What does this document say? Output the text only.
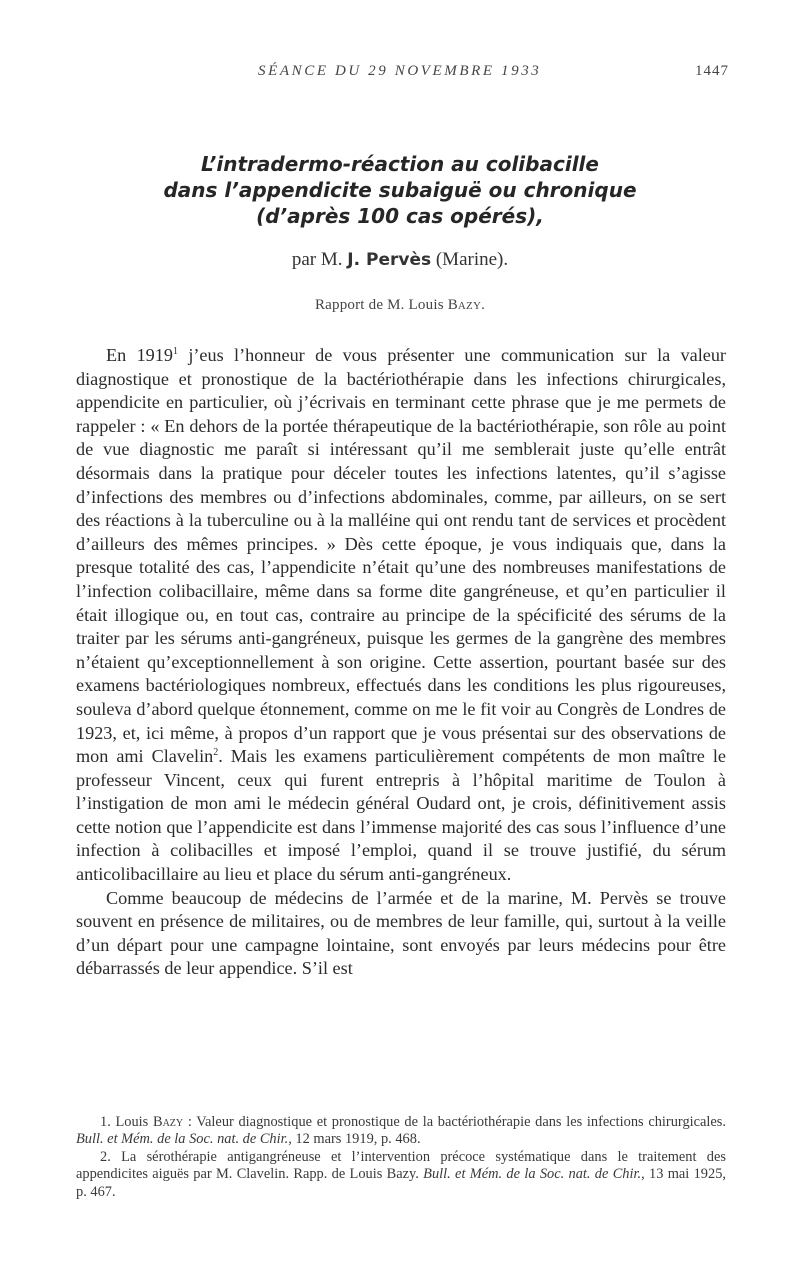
SÉANCE DU 29 NOVEMBRE 1933	1447
L’intradermo-réaction au colibacille
dans l’appendicite subaiguë ou chronique
(d’après 100 cas opérés),
par M. J. Pervès (Marine).
Rapport de M. Louis Bazy.

En 1919$^1$ j’eus l’honneur de vous présenter une communication sur la valeur diagnostique et pronostique de la bactériothérapie dans les infections chirurgicales, appendicite en particulier, où j’écrivais en terminant cette phrase que je me permets de rappeler : « En dehors de la portée thérapeutique de la bactériothérapie, son rôle au point de vue diagnostic me paraît si intéressant qu’il me semblerait juste qu’elle entrât désormais dans la pratique pour déceler toutes les infections latentes, qu’il s’agisse d’infections des membres ou d’infections abdominales, comme, par ailleurs, on se sert des réactions à la tuberculine ou à la malléine qui ont rendu tant de services et procèdent d’ailleurs des mêmes principes. » Dès cette époque, je vous indiquais que, dans la presque totalité des cas, l’appendicite n’était qu’une des nombreuses manifestations de l’infection colibacillaire, même dans sa forme dite gangréneuse, et qu’en particulier il était illogique ou, en tout cas, contraire au principe de la spécificité des sérums de la traiter par les sérums anti-gangréneux, puisque les germes de la gangrène des membres n’étaient qu’exceptionnellement à son origine. Cette assertion, pourtant basée sur des examens bactériologiques nombreux, effectués dans les conditions les plus rigoureuses, souleva d’abord quelque étonnement, comme on me le fit voir au Congrès de Londres de 1923, et, ici même, à propos d’un rapport que je vous présentai sur des observations de mon ami Clavelin$^2$. Mais les examens particulièrement compétents de mon maître le professeur Vincent, ceux qui furent entrepris à l’hôpital maritime de Toulon à l’instigation de mon ami le médecin général Oudard ont, je crois, définitivement assis cette notion que l’appendicite est dans l’immense majorité des cas sous l’influence d’une infection à colibacilles et imposé l’emploi, quand il se trouve justifié, du sérum anticolibacillaire au lieu et place du sérum anti-gangréneux.

Comme beaucoup de médecins de l’armée et de la marine, M. Pervès se trouve souvent en présence de militaires, ou de membres de leur famille, qui, surtout à la veille d’un départ pour une campagne lointaine, sont envoyés par leurs médecins pour être débarrassés de leur appendice. S’il est

1. Louis Bazy : Valeur diagnostique et pronostique de la bactériothérapie dans les infections chirurgicales. Bull. et Mém. de la Soc. nat. de Chir., 12 mars 1919, p. 468.

2. La sérothérapie antigangréneuse et l’intervention précoce systématique dans le traitement des appendicites aiguës par M. Clavelin. Rapp. de Louis Bazy. Bull. et Mém. de la Soc. nat. de Chir., 13 mai 1925, p. 467.
